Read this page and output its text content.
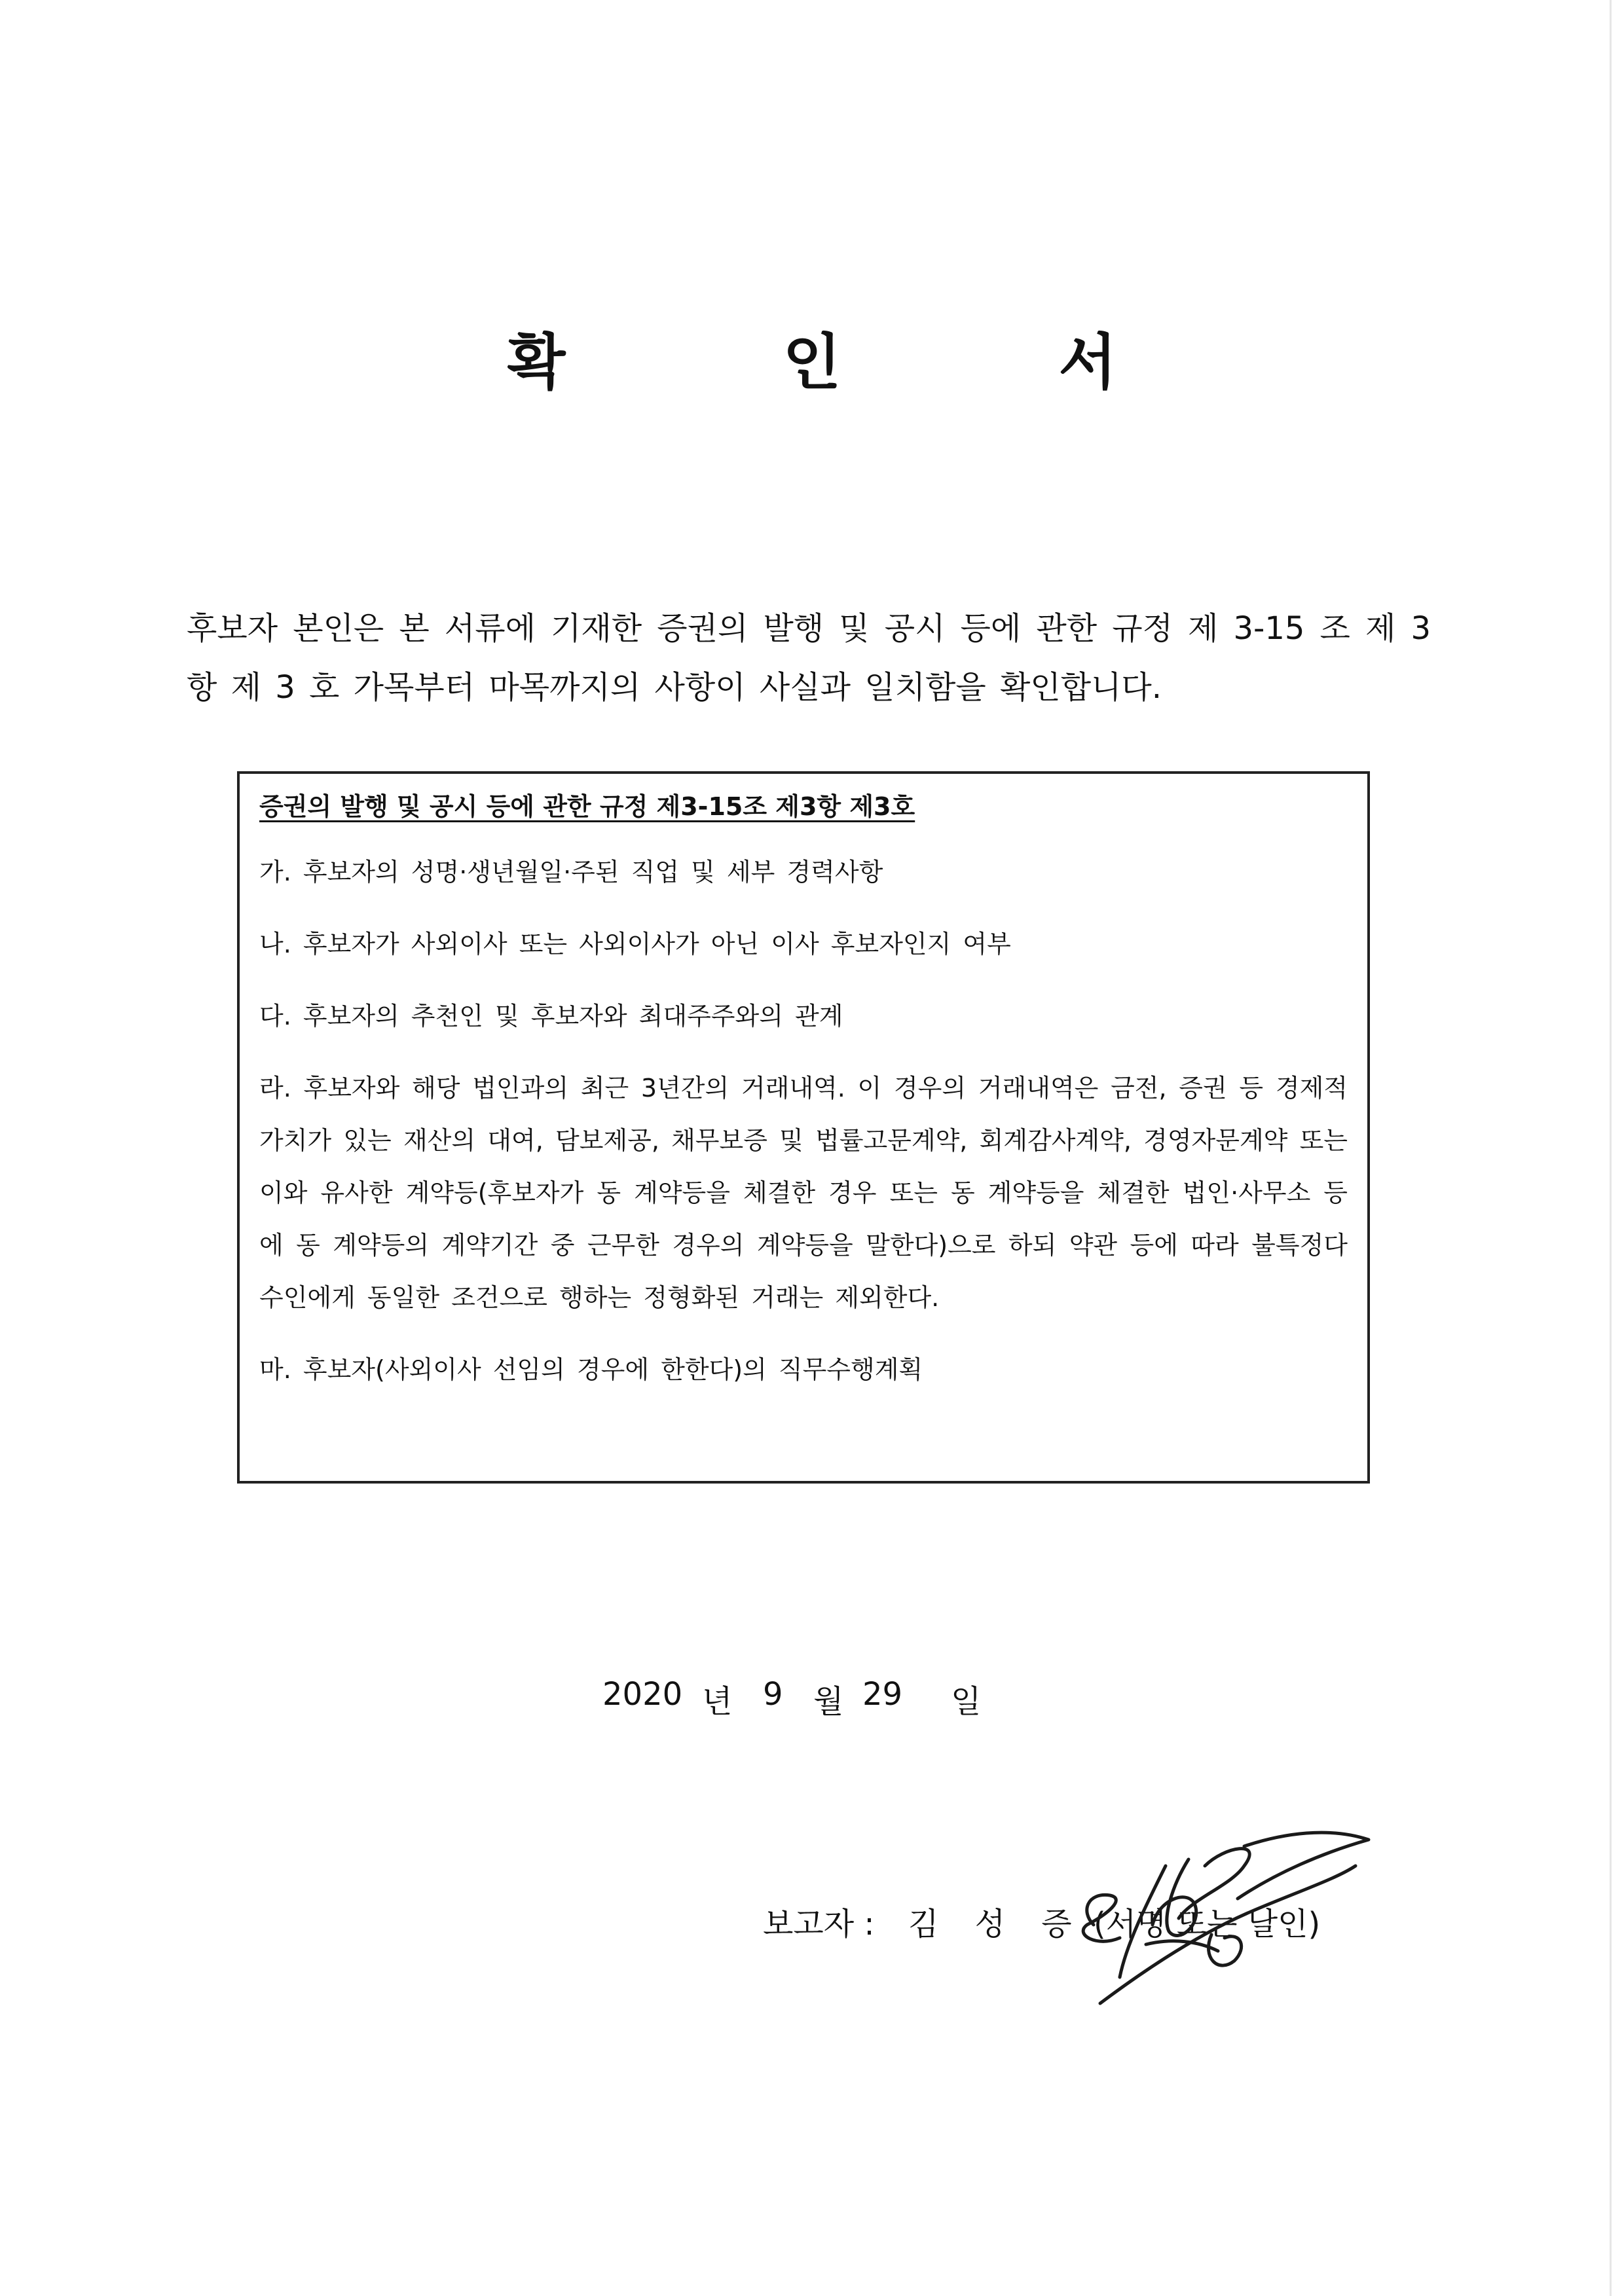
확 인 서

후보자 본인은 본 서류에 기재한 증권의 발행 및 공시 등에 관한 규정 제 3-15 조 제 3 항 제 3 호 가목부터 마목까지의 사항이 사실과 일치함을 확인합니다.

증권의 발행 및 공시 등에 관한 규정 제3-15조 제3항 제3호

가. 후보자의 성명·생년월일·주된 직업 및 세부 경력사항

나. 후보자가 사외이사 또는 사외이사가 아닌 이사 후보자인지 여부

다. 후보자의 추천인 및 후보자와 최대주주와의 관계

라. 후보자와 해당 법인과의 최근 3년간의 거래내역. 이 경우의 거래내역은 금전, 증권 등 경제적 가치가 있는 재산의 대여, 담보제공, 채무보증 및 법률고문계약, 회계감사계약, 경영자문계약 또는 이와 유사한 계약등(후보자가 동 계약등을 체결한 경우 또는 동 계약등을 체결한 법인·사무소 등에 동 계약등의 계약기간 중 근무한 경우의 계약등을 말한다)으로 하되 약관 등에 따라 불특정다수인에게 동일한 조건으로 행하는 정형화된 거래는 제외한다.

마. 후보자(사외이사 선임의 경우에 한한다)의 직무수행계획

2020 년 9 월 29 일
보고자 : 김 성 증 (서명 또는 날인)
